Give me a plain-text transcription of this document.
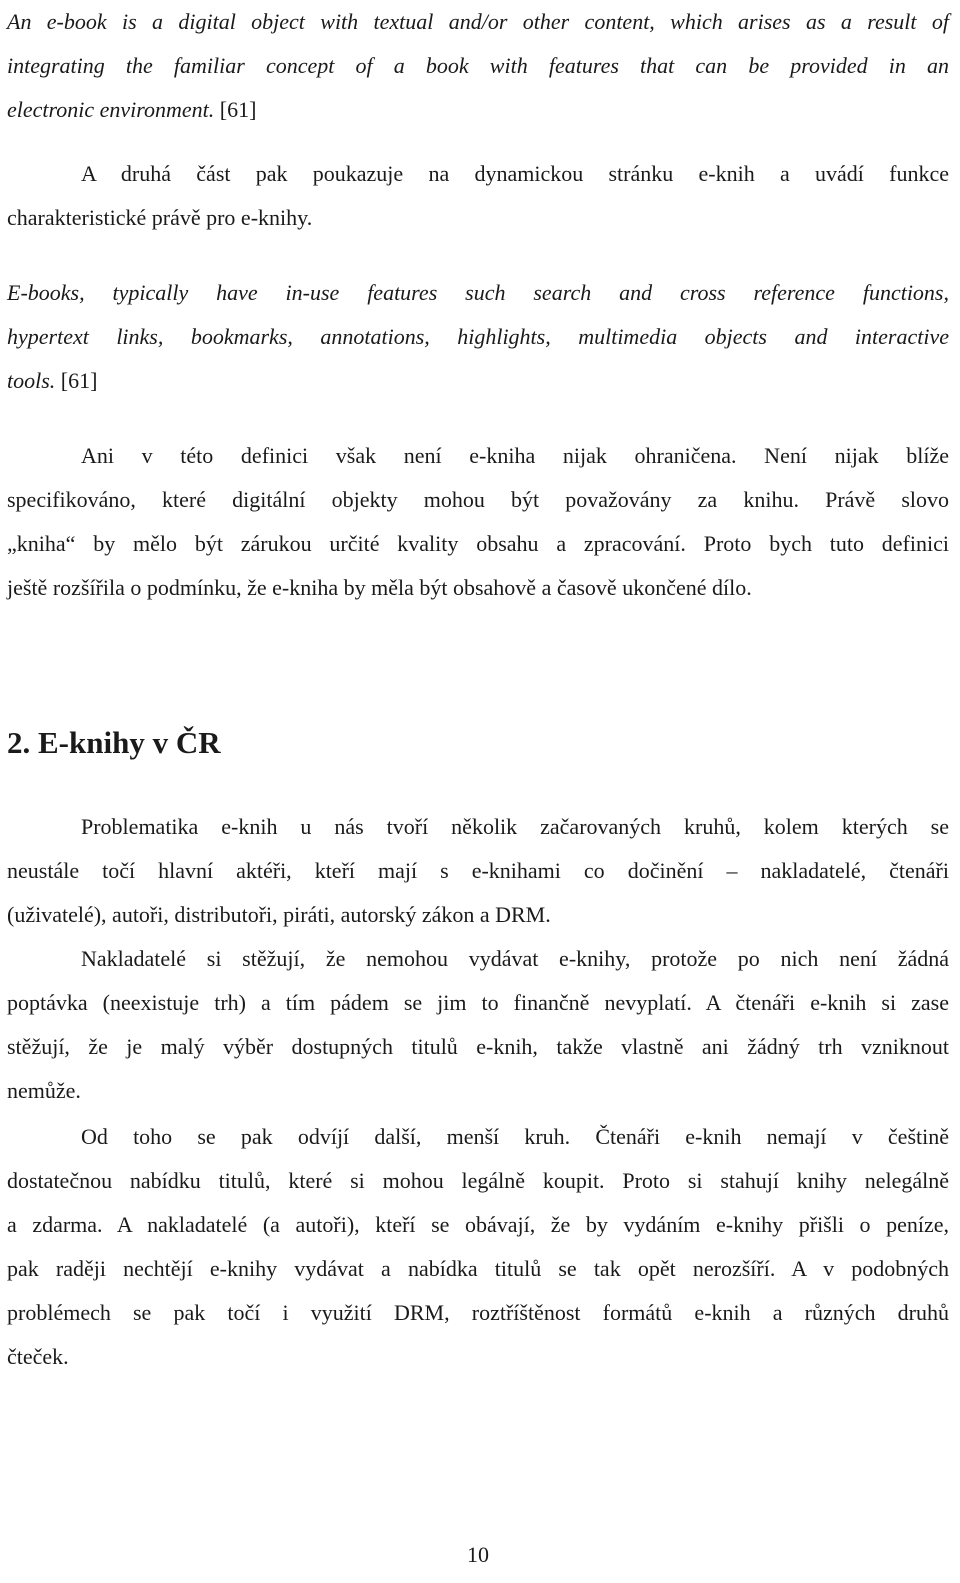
An e-book is a digital object with textual and/or other content, which arises as a result of
integrating the familiar concept of a book with features that can be provided in an
electronic environment. [61]

A druhá část pak poukazuje na dynamickou stránku e-knih a uvádí funkce
charakteristické právě pro e-knihy.

E-books, typically have in-use features such search and cross reference functions,
hypertext links, bookmarks, annotations, highlights, multimedia objects and interactive
tools. [61]

Ani v této definici však není e-kniha nijak ohraničena. Není nijak blíže
specifikováno, které digitální objekty mohou být považovány za knihu. Právě slovo
„kniha“ by mělo být zárukou určité kvality obsahu a zpracování. Proto bych tuto definici
ještě rozšířila o podmínku, že e-kniha by měla být obsahově a časově ukončené dílo.

2. E-knihy v ČR

Problematika e-knih u nás tvoří několik začarovaných kruhů, kolem kterých se
neustále točí hlavní aktéři, kteří mají s e-knihami co dočinění – nakladatelé, čtenáři
(uživatelé), autoři, distributoři, piráti, autorský zákon a DRM.

Nakladatelé si stěžují, že nemohou vydávat e-knihy, protože po nich není žádná
poptávka (neexistuje trh) a tím pádem se jim to finančně nevyplatí. A čtenáři e-knih si zase
stěžují, že je malý výběr dostupných titulů e-knih, takže vlastně ani žádný trh vzniknout
nemůže.

Od toho se pak odvíjí další, menší kruh. Čtenáři e-knih nemají v češtině
dostatečnou nabídku titulů, které si mohou legálně koupit. Proto si stahují knihy nelegálně
a zdarma. A nakladatelé (a autoři), kteří se obávají, že by vydáním e-knihy přišli o peníze,
pak raději nechtějí e-knihy vydávat a nabídka titulů se tak opět nerozšíří. A v podobných
problémech se pak točí i využití DRM, roztříštěnost formátů e-knih a různých druhů
čteček.

10
